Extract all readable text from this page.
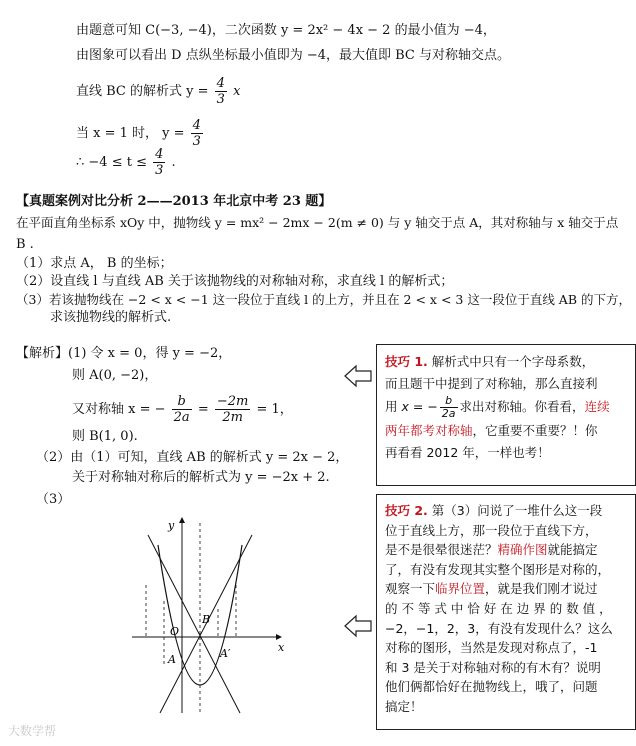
由题意可知 C(−3, −4)，二次函数 y = 2x² − 4x − 2 的最小值为 −4，
由图象可以看出 D 点纵坐标最小值即为 −4，最大值即 BC 与对称轴交点。
直线 BC 的解析式 $y = \frac{4}{3}$ x
当 x = 1 时， $y = \frac{4}{3}$
∴ $-4 \le t \le \frac{4}{3}$ .
【真题案例对比分析 2——2013 年北京中考 23 题】
在平面直角坐标系 xOy 中，抛物线 y = mx² − 2mx − 2(m ≠ 0) 与 y 轴交于点 A，其对称轴与 x 轴交于点
B .
（1）求点 A， B 的坐标；
（2）设直线 l 与直线 AB 关于该抛物线的对称轴对称，求直线 l 的解析式；
（3）若该抛物线在 −2 < x < −1 这一段位于直线 l 的上方，并且在 2 < x < 3 这一段位于直线 AB 的下方，
求该抛物线的解析式.
【解析】(1) 令 x = 0，得 y = −2，
则 A(0, −2)，
又对称轴 x = − $\frac{b}{2a} = \frac{-2m}{2m} = 1$，
则 B(1, 0).
（2）由（1）可知，直线 AB 的解析式 y = 2x − 2，
关于对称轴对称后的解析式为 y = −2x + 2.
（3）
x
y
O
B
A	A′
技巧 1. 解析式中只有一个字母系数，
而且题干中提到了对称轴，那么直接利
用 x = − $\frac{b}{2a}$ 求出对称轴。你看看，连续
两年都考对称轴，它重要不重要？！你
再看看 2012 年，一样也考！
技巧 2. 第（3）问说了一堆什么这一段
位于直线上方，那一段位于直线下方，
是不是很晕很迷茫？精确作图就能搞定
了，有没有发现其实整个图形是对称的，
观察一下临界位置，就是我们刚才说过
的 不 等 式 中 恰 好 在 边 界 的 数 值 ，
−2，−1，2，3，有没有发现什么？这么
对称的图形，当然是发现对称点了，-1
和 3 是关于对称轴对称的有木有？说明
他们俩都恰好在抛物线上，哦了，问题
搞定！
大数学帮
